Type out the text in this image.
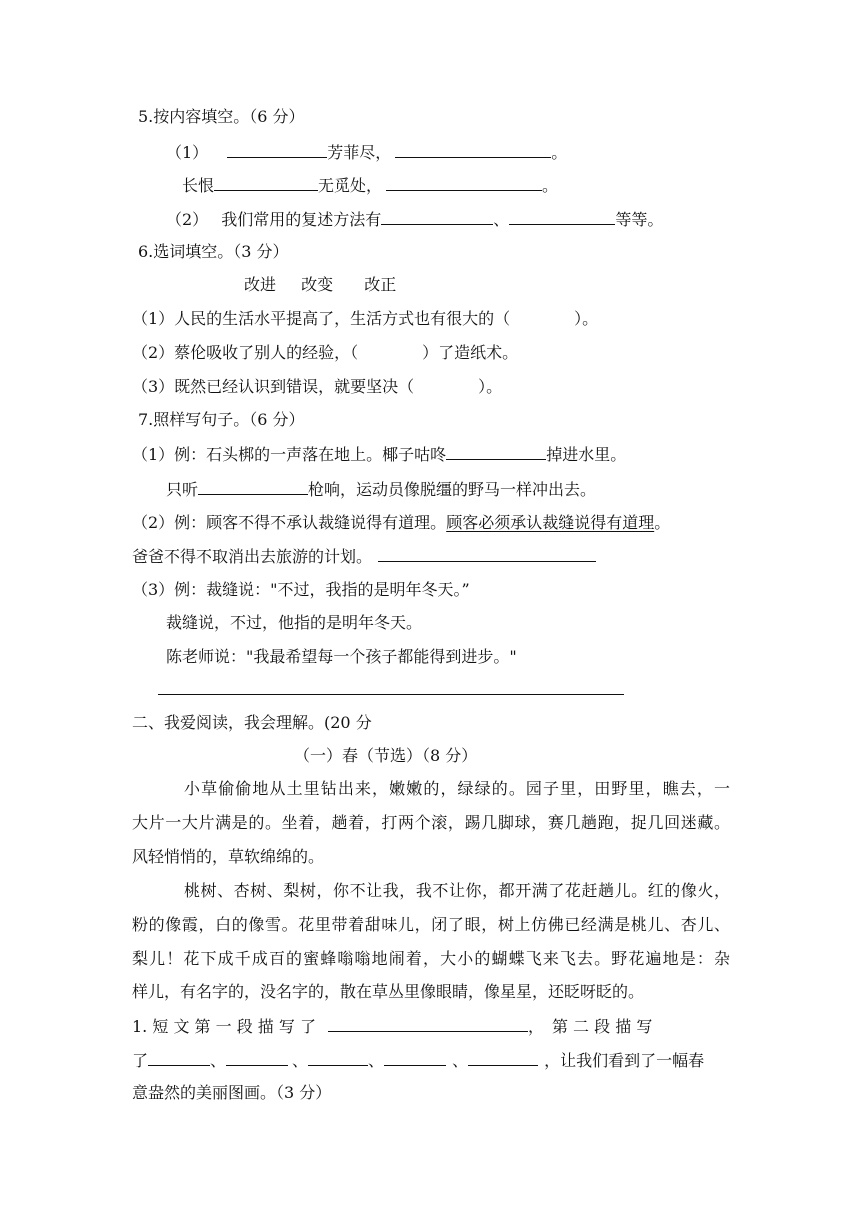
5.按内容填空。（6 分）
（1）	芳菲尽，	。
长恨	无觅处，	。
（2） 我们常用的复述方法有	、	等等。
6.选词填空。（3 分）
改进 改变 改正
（1）人民的生活水平提高了，生活方式也有很大的（　　　　）。
（2）蔡伦吸收了别人的经验，（　　　　）了造纸术。
（3）既然已经认识到错误，就要坚决（　　　　）。
7.照样写句子。（6 分）
（1）例：石头梆的一声落在地上。椰子咕咚	掉进水里。
只听	枪响，运动员像脱缰的野马一样冲出去。
（2）例：顾客不得不承认裁缝说得有道理。顾客必须承认裁缝说得有道理。
爸爸不得不取消出去旅游的计划。
（3）例：裁缝说："不过，我指的是明年冬天。”
裁缝说，不过，他指的是明年冬天。
陈老师说："我最希望每一个孩子都能得到进步。"
二、我爱阅读，我会理解。(20 分
（一）春（节选）（8 分）
小草偷偷地从土里钻出来，嫩嫩的，绿绿的。园子里，田野里，瞧去，一
大片一大片满是的。坐着，趟着，打两个滚，踢几脚球，赛几趟跑，捉几回迷藏。
风轻悄悄的，草软绵绵的。
桃树、杏树、梨树，你不让我，我不让你，都开满了花赶趟儿。红的像火，
粉的像霞，白的像雪。花里带着甜味儿，闭了眼，树上仿佛已经满是桃儿、杏儿、
梨儿！花下成千成百的蜜蜂嗡嗡地闹着，大小的蝴蝶飞来飞去。野花遍地是：杂
样儿，有名字的，没名字的，散在草丛里像眼睛，像星星，还眨呀眨的。
1. 短 文 第 一 段 描 写 了	，　第 二 段 描 写
了	、	、	、	、	，让我们看到了一幅春
意盎然的美丽图画。（3 分）
